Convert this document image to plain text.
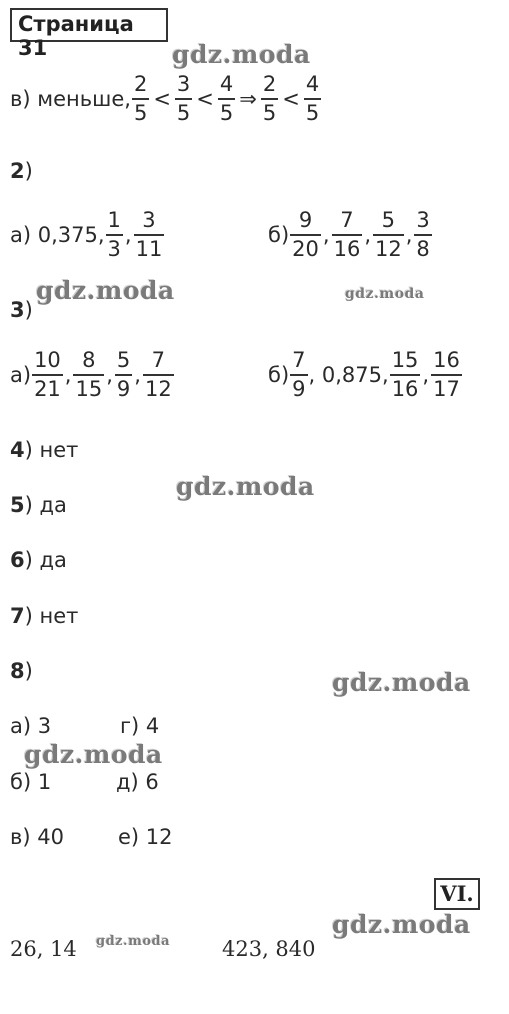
Страница 31
в) меньше, $\frac{2}{5} < \frac{3}{5} < \frac{4}{5}$ ⇒ $\frac{2}{5} < \frac{4}{5}$
2)
а) 0,375, $\frac{1}{3}$ , $\frac{3}{11}$	$б) \frac{9}{20}$ , $\frac{7}{16}$ , $\frac{5}{12}$ , $\frac{3}{8}$
3)
$а) \frac{10}{21}$ , $\frac{8}{15}$ , $\frac{5}{9}$ , $\frac{7}{12}$	$б) \frac{7}{9}$ , 0,875, $\frac{15}{16}$ , $\frac{16}{17}$
4) нет
5) да
6) да
7) нет
8)
а) 3	г) 4
б) 1	д) 6
в) 40	е) 12
VI.
26, 14	423, 840
gdz.moda
gdz.moda	gdz.moda
gdz.moda
gdz.moda
gdz.moda
gdz.moda
gdz.moda
